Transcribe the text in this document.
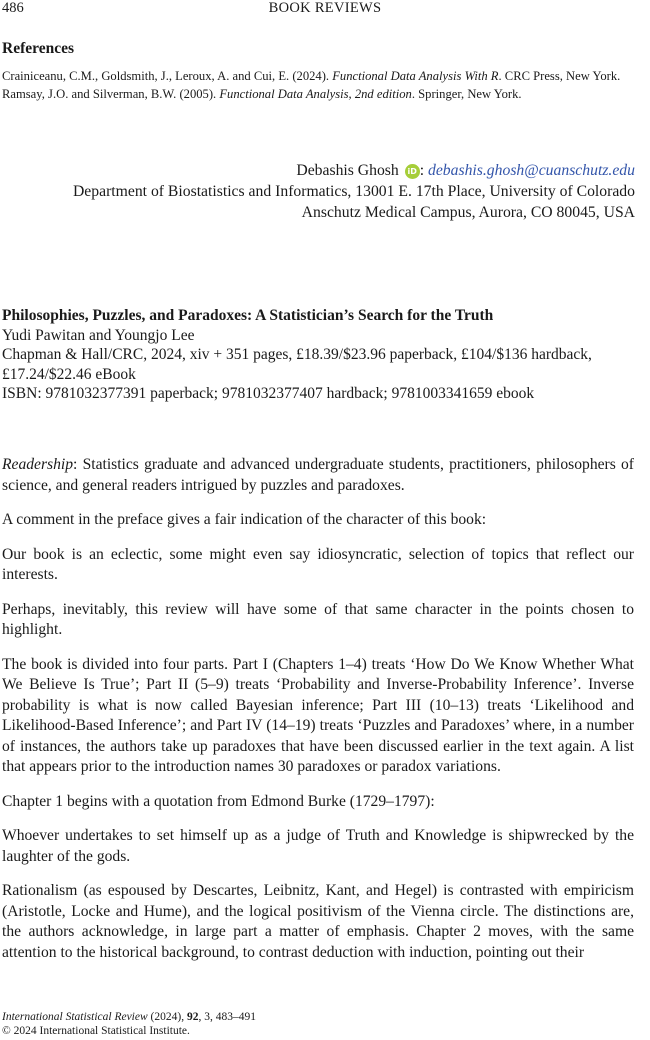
486	BOOK REVIEWS
References

Crainiceanu, C.M., Goldsmith, J., Leroux, A. and Cui, E. (2024). Functional Data Analysis With R. CRC Press, New York.

Ramsay, J.O. and Silverman, B.W. (2005). Functional Data Analysis, 2nd edition. Springer, New York.

Debashis Ghosh iD : debashis.ghosh@cuanschutz.edu
Department of Biostatistics and Informatics, 13001 E. 17th Place, University of Colorado
Anschutz Medical Campus, Aurora, CO 80045, USA

Philosophies, Puzzles, and Paradoxes: A Statistician’s Search for the Truth

Yudi Pawitan and Youngjo Lee

Chapman & Hall/CRC, 2024, xiv + 351 pages, £18.39/$23.96 paperback, £104/$136 hardback, £17.24/$22.46 eBook

ISBN: 9781032377391 paperback; 9781032377407 hardback; 9781003341659 ebook

Readership: Statistics graduate and advanced undergraduate students, practitioners, philosophers of science, and general readers intrigued by puzzles and paradoxes.

A comment in the preface gives a fair indication of the character of this book:

Our book is an eclectic, some might even say idiosyncratic, selection of topics that reflect our interests.

Perhaps, inevitably, this review will have some of that same character in the points chosen to highlight.

The book is divided into four parts. Part I (Chapters 1–4) treats ‘How Do We Know Whether What We Believe Is True’; Part II (5–9) treats ‘Probability and Inverse-Probability Inference’. Inverse probability is what is now called Bayesian inference; Part III (10–13) treats ‘Likelihood and Likelihood-Based Inference’; and Part IV (14–19) treats ‘Puzzles and Paradoxes’ where, in a number of instances, the authors take up paradoxes that have been discussed earlier in the text again. A list that appears prior to the introduction names 30 paradoxes or paradox variations.

Chapter 1 begins with a quotation from Edmond Burke (1729–1797):

Whoever undertakes to set himself up as a judge of Truth and Knowledge is shipwrecked by the laughter of the gods.

Rationalism (as espoused by Descartes, Leibnitz, Kant, and Hegel) is contrasted with empiricism (Aristotle, Locke and Hume), and the logical positivism of the Vienna circle. The distinctions are, the authors acknowledge, in large part a matter of emphasis. Chapter 2 moves, with the same attention to the historical background, to contrast deduction with induction, pointing out their

International Statistical Review (2024), 92, 3, 483–491
© 2024 International Statistical Institute.
